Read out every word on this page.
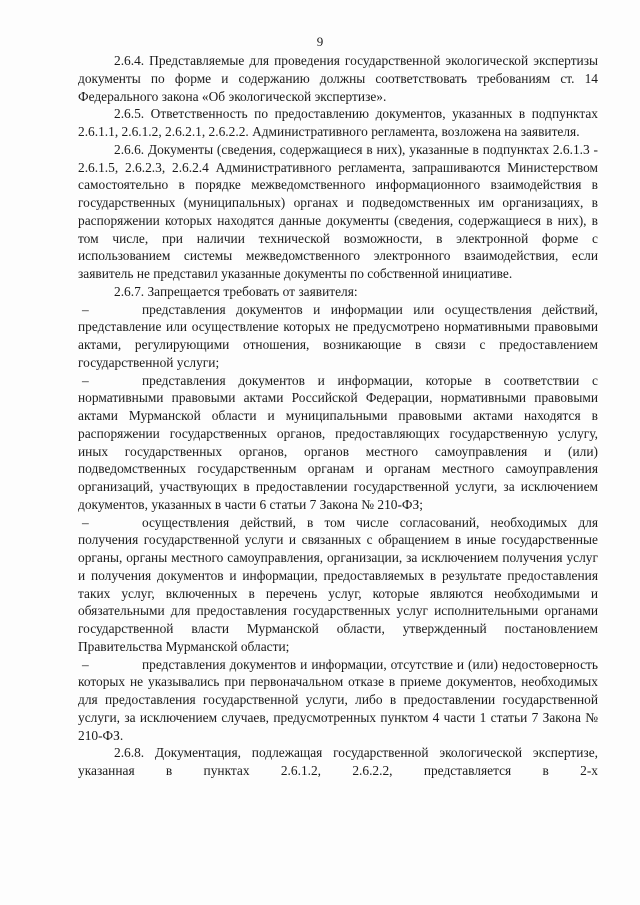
9

2.6.4. Представляемые для проведения государственной экологической экспертизы документы по форме и содержанию должны соответствовать требованиям ст. 14 Федерального закона «Об экологической экспертизе».

2.6.5. Ответственность по предоставлению документов, указанных в подпунктах 2.6.1.1, 2.6.1.2, 2.6.2.1, 2.6.2.2. Административного регламента, возложена на заявителя.

2.6.6. Документы (сведения, содержащиеся в них), указанные в подпунктах 2.6.1.3 - 2.6.1.5, 2.6.2.3, 2.6.2.4 Административного регламента, запрашиваются Министерством самостоятельно в порядке межведомственного информационного взаимодействия в государственных (муниципальных) органах и подведомственных им организациях, в распоряжении которых находятся данные документы (сведения, содержащиеся в них), в том числе, при наличии технической возможности, в электронной форме с использованием системы межведомственного электронного взаимодействия, если заявитель не представил указанные документы по собственной инициативе.

2.6.7. Запрещается требовать от заявителя:

–	представления документов и информации или осуществления действий, представление или осуществление которых не предусмотрено нормативными правовыми актами, регулирующими отношения, возникающие в связи с предоставлением государственной услуги;

–	представления документов и информации, которые в соответствии с нормативными правовыми актами Российской Федерации, нормативными правовыми актами Мурманской области и муниципальными правовыми актами находятся в распоряжении государственных органов, предоставляющих государственную услугу, иных государственных органов, органов местного самоуправления и (или) подведомственных государственным органам и органам местного самоуправления организаций, участвующих в предоставлении государственной услуги, за исключением документов, указанных в части 6 статьи 7 Закона № 210-ФЗ;

–	осуществления действий, в том числе согласований, необходимых для получения государственной услуги и связанных с обращением в иные государственные органы, органы местного самоуправления, организации, за исключением получения услуг и получения документов и информации, предоставляемых в результате предоставления таких услуг, включенных в перечень услуг, которые являются необходимыми и обязательными для предоставления государственных услуг исполнительными органами государственной власти Мурманской области, утвержденный постановлением Правительства Мурманской области;

–	представления документов и информации, отсутствие и (или) недостоверность которых не указывались при первоначальном отказе в приеме документов, необходимых для предоставления государственной услуги, либо в предоставлении государственной услуги, за исключением случаев, предусмотренных пунктом 4 части 1 статьи 7 Закона № 210-ФЗ.

2.6.8. Документация, подлежащая государственной экологической экспертизе, указанная в пунктах 2.6.1.2, 2.6.2.2, представляется в 2-х
